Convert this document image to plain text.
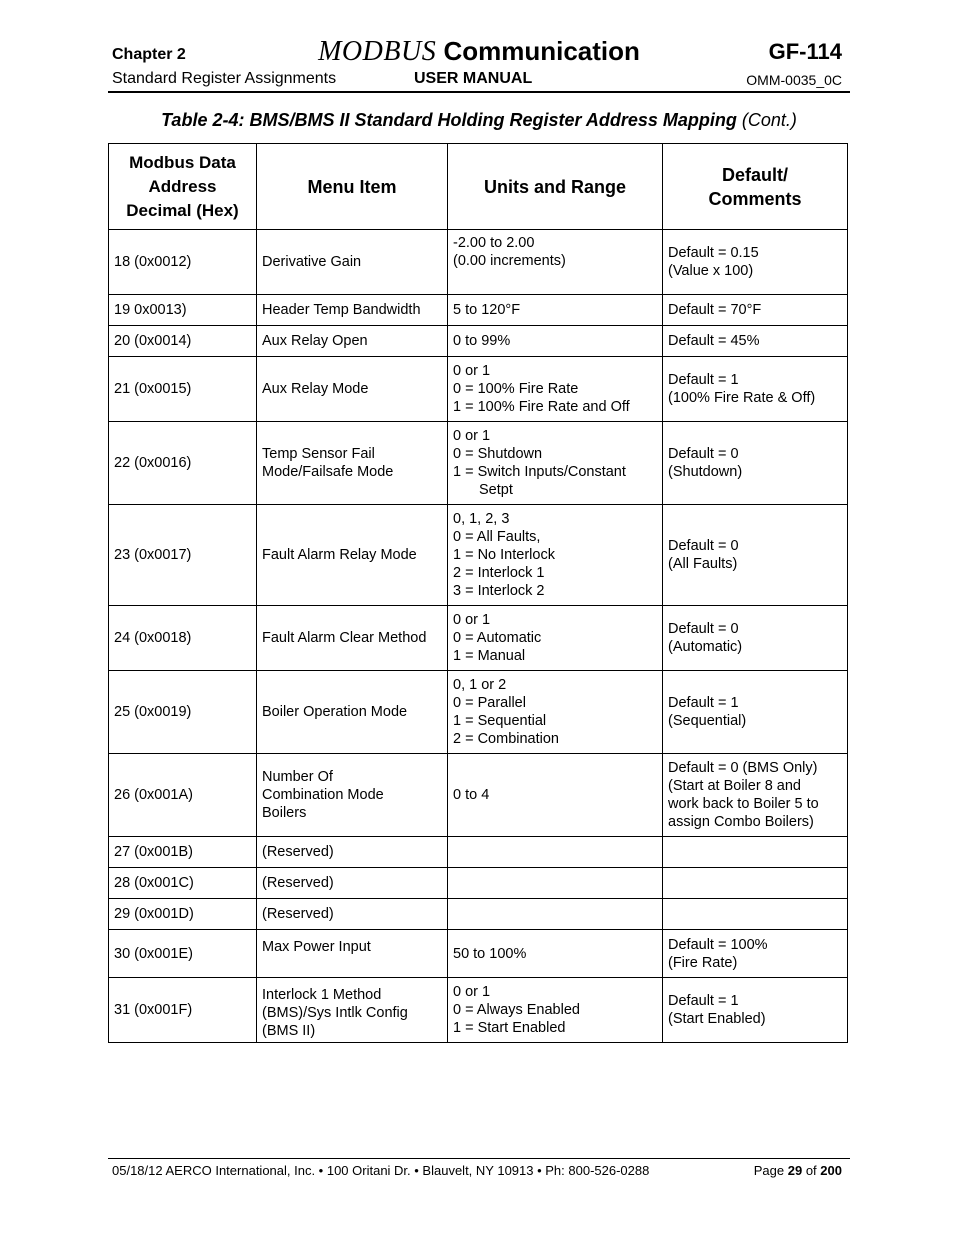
Chapter 2	MODBUS Communication	GF-114
Standard Register Assignments	USER MANUAL	OMM-0035_0C
Table 2-4: BMS/BMS II Standard Holding Register Address Mapping (Cont.)
Modbus Data
Address
Decimal (Hex)	Menu Item	Units and Range	Default/
Comments

18 (0x0012)	Derivative Gain	-2.00 to 2.00
(0.00 increments)	Default = 0.15
(Value x 100)

19 0x0013)	Header Temp Bandwidth	5 to 120°F	Default = 70°F

20 (0x0014)	Aux Relay Open	0 to 99%	Default = 45%

21 (0x0015)	Aux Relay Mode	0 or 1
0 = 100% Fire Rate
1 = 100% Fire Rate and Off	Default = 1
(100% Fire Rate & Off)

22 (0x0016)	Temp Sensor Fail
Mode/Failsafe Mode	0 or 1
0 = Shutdown
1 = Switch Inputs/Constant
Setpt	Default = 0
(Shutdown)

23 (0x0017)	Fault Alarm Relay Mode	0, 1, 2, 3
0 = All Faults,
1 = No Interlock
2 = Interlock 1
3 = Interlock 2	Default = 0
(All Faults)

24 (0x0018)	Fault Alarm Clear Method	0 or 1
0 = Automatic
1 = Manual	Default = 0
(Automatic)

25 (0x0019)	Boiler Operation Mode	0, 1 or 2
0 = Parallel
1 = Sequential
2 = Combination	Default = 1
(Sequential)

26 (0x001A)	Number Of
Combination Mode
Boilers	0 to 4	Default = 0 (BMS Only)
(Start at Boiler 8 and
work back to Boiler 5 to
assign Combo Boilers)

27 (0x001B)	(Reserved)		

28 (0x001C)	(Reserved)		

29 (0x001D)	(Reserved)		

30 (0x001E)	Max Power Input	50 to 100%	Default = 100%
(Fire Rate)

31 (0x001F)	Interlock 1 Method
(BMS)/Sys Intlk Config
(BMS II)	0 or 1
0 = Always Enabled
1 = Start Enabled	Default = 1
(Start Enabled)
05/18/12 AERCO International, Inc. • 100 Oritani Dr. • Blauvelt, NY 10913 • Ph: 800-526-0288	Page 29 of 200
